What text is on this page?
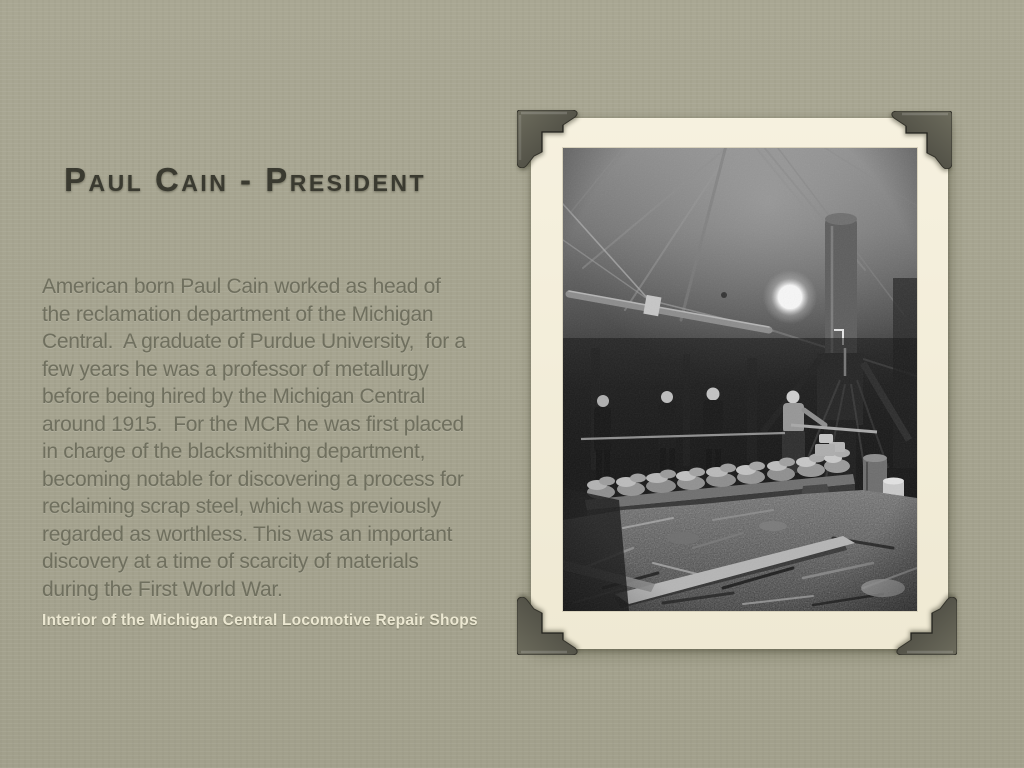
Paul Cain - President
American born Paul Cain worked as head of
the reclamation department of the Michigan
Central.  A graduate of Purdue University,  for a
few years he was a professor of metallurgy
before being hired by the Michigan Central
around 1915.  For the MCR he was first placed
in charge of the blacksmithing department,
becoming notable for discovering a process for
reclaiming scrap steel, which was previously
regarded as worthless. This was an important
discovery at a time of scarcity of materials
during the First World War.
Interior of the Michigan Central Locomotive Repair Shops
